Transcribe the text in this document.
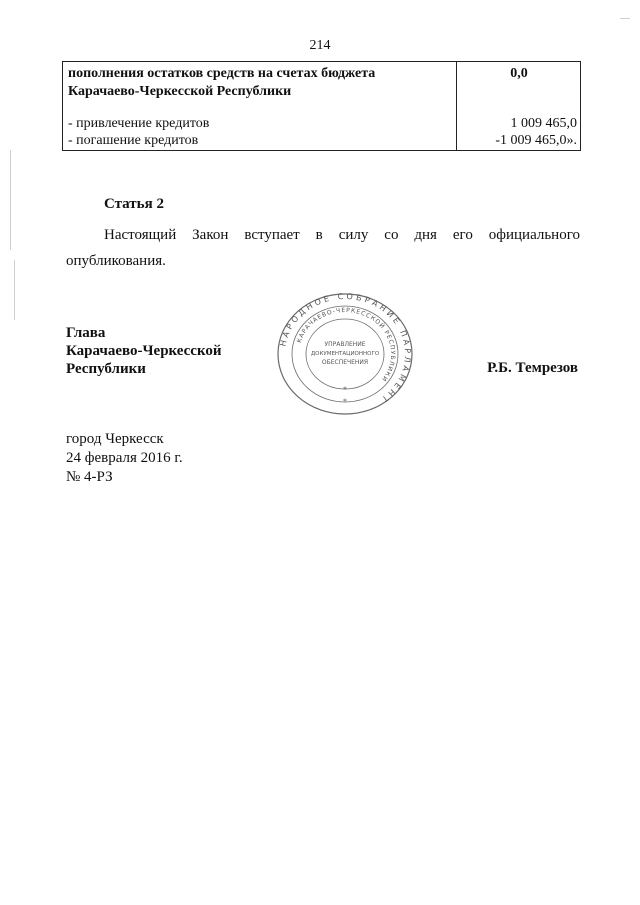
214
пополнения остатков средств на счетах бюджета
Карачаево-Черкесской Республики
0,0
- привлечение кредитов	1 009 465,0
- погашение кредитов	-1 009 465,0».
Статья 2

Настоящий Закон вступает в силу со дня его официального опубликования.

Глава
Карачаево-Черкесской
Республики
НАРОДНОЕ СОБРАНИЕ ПАРЛАМЕНТ
КАРАЧАЕВО-ЧЕРКЕССКОЙ РЕСПУБЛИКИ
УПРАВЛЕНИЕ
ДОКУМЕНТАЦИОННОГО
ОБЕСПЕЧЕНИЯ
*
*
Р.Б. Темрезов
город Черкесск
24 февраля 2016 г.
№ 4-РЗ
